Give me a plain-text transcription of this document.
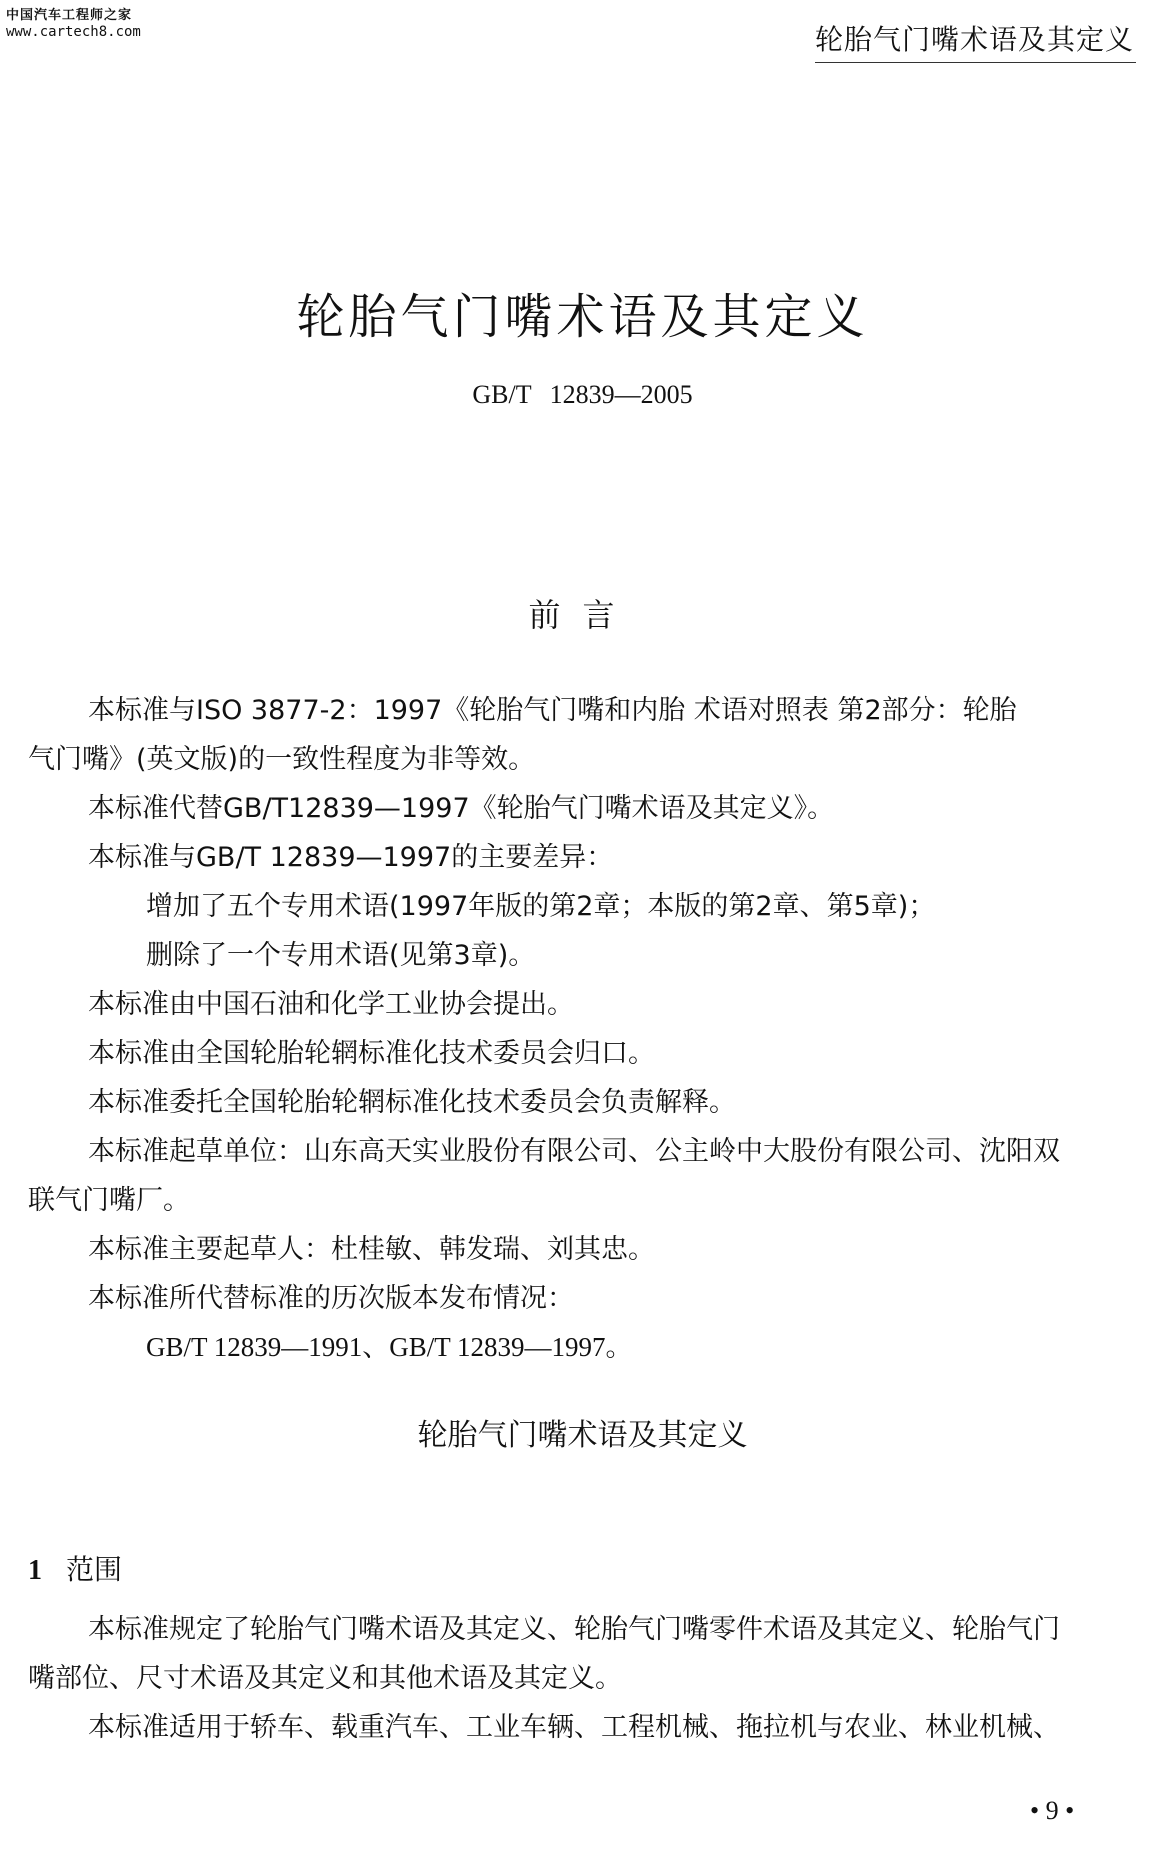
中国汽车工程师之家
www.cartech8.com	轮胎气门嘴术语及其定义
轮胎气门嘴术语及其定义
GB/T 12839—2005
前言

本标准与ISO 3877-2：1997《轮胎气门嘴和内胎 术语对照表 第2部分：轮胎

气门嘴》(英文版)的一致性程度为非等效。

本标准代替GB/T12839—1997《轮胎气门嘴术语及其定义》。

本标准与GB/T 12839—1997的主要差异：

增加了五个专用术语(1997年版的第2章；本版的第2章、第5章)；

删除了一个专用术语(见第3章)。

本标准由中国石油和化学工业协会提出。

本标准由全国轮胎轮辋标准化技术委员会归口。

本标准委托全国轮胎轮辋标准化技术委员会负责解释。

本标准起草单位：山东高天实业股份有限公司、公主岭中大股份有限公司、沈阳双

联气门嘴厂。

本标准主要起草人：杜桂敏、韩发瑞、刘其忠。

本标准所代替标准的历次版本发布情况：

GB/T 12839—1991、GB/T 12839—1997。

轮胎气门嘴术语及其定义
1 范围

本标准规定了轮胎气门嘴术语及其定义、轮胎气门嘴零件术语及其定义、轮胎气门

嘴部位、尺寸术语及其定义和其他术语及其定义。

本标准适用于轿车、载重汽车、工业车辆、工程机械、拖拉机与农业、林业机械、

• 9 •
